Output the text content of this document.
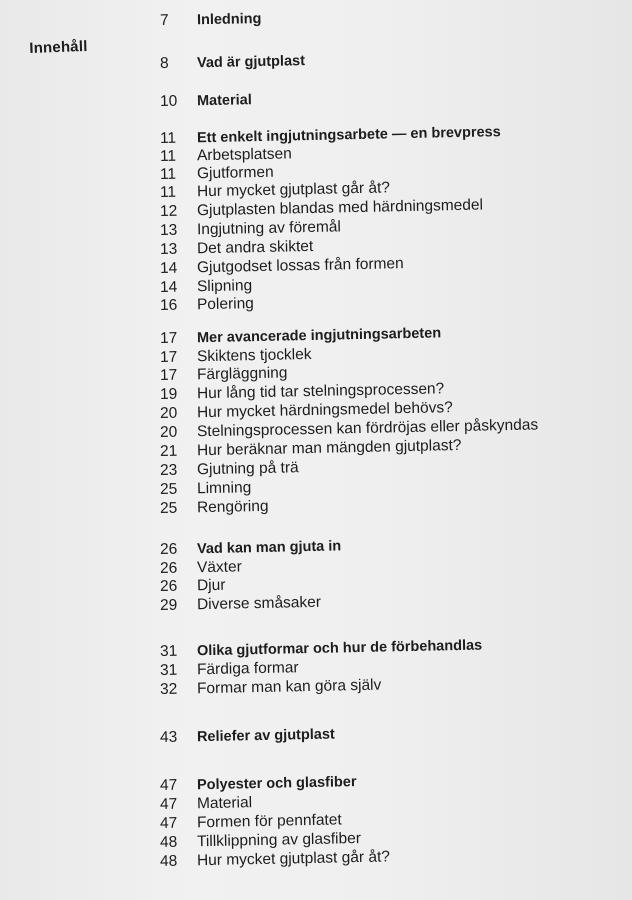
Innehåll
7 Inledning
8 Vad är gjutplast
10 Material
11 Ett enkelt ingjutningsarbete — en brevpress
11 Arbetsplatsen
11 Gjutformen
11 Hur mycket gjutplast går åt?
12 Gjutplasten blandas med härdningsmedel
13 Ingjutning av föremål
13 Det andra skiktet
14 Gjutgodset lossas från formen
14 Slipning
16 Polering
17 Mer avancerade ingjutningsarbeten
17 Skiktens tjocklek
17 Färgläggning
19 Hur lång tid tar stelningsprocessen?
20 Hur mycket härdningsmedel behövs?
20 Stelningsprocessen kan fördröjas eller påskyndas
21 Hur beräknar man mängden gjutplast?
23 Gjutning på trä
25 Limning
25 Rengöring
26 Vad kan man gjuta in
26 Växter
26 Djur
29 Diverse småsaker
31 Olika gjutformar och hur de förbehandlas
31 Färdiga formar
32 Formar man kan göra själv
43 Reliefer av gjutplast
47 Polyester och glasfiber
47 Material
47 Formen för pennfatet
48 Tillklippning av glasfiber
48 Hur mycket gjutplast går åt?
